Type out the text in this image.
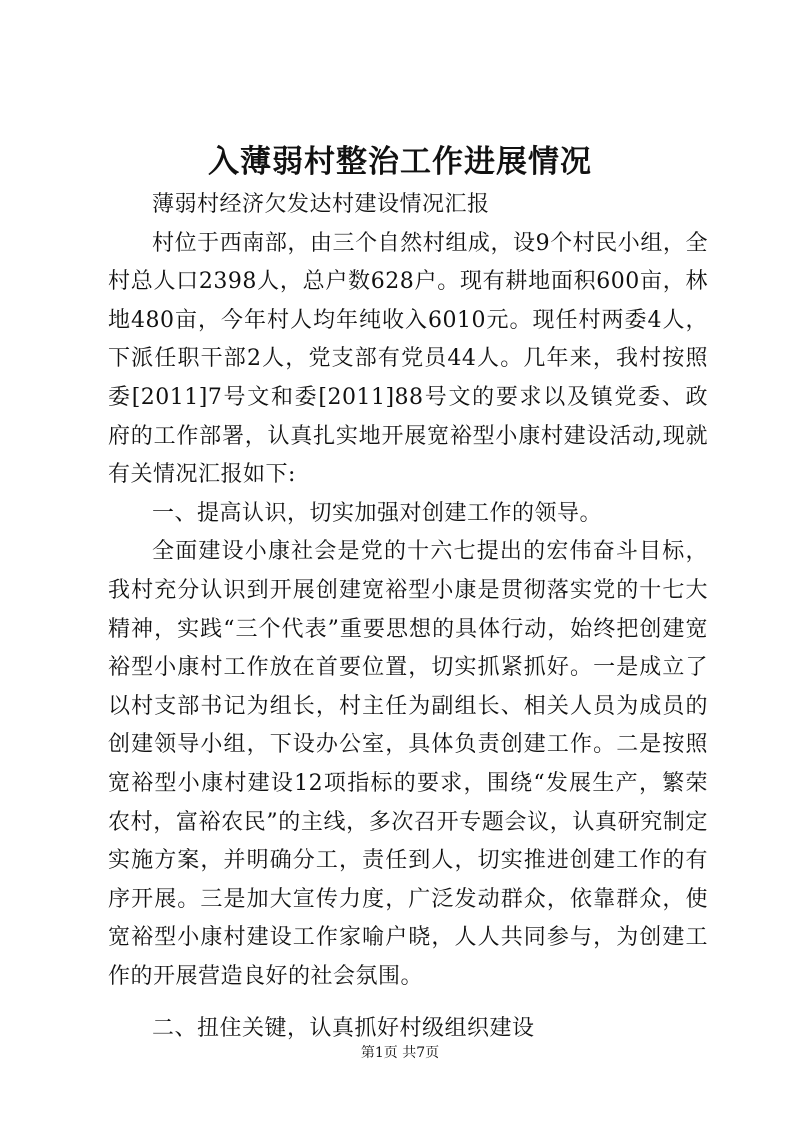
入薄弱村整治工作进展情况

薄弱村经济欠发达村建设情况汇报

村位于西南部，由三个自然村组成，设9个村民小组，全村总人口2398人，总户数628户。现有耕地面积600亩，林地480亩，今年村人均年纯收入6010元。现任村两委4人，下派任职干部2人，党支部有党员44人。几年来，我村按照委[2011]7号文和委[2011]88号文的要求以及镇党委、政府的工作部署，认真扎实地开展宽裕型小康村建设活动,现就有关情况汇报如下:

一、提高认识，切实加强对创建工作的领导。

全面建设小康社会是党的十六七提出的宏伟奋斗目标，我村充分认识到开展创建宽裕型小康是贯彻落实党的十七大精神，实践“三个代表”重要思想的具体行动，始终把创建宽裕型小康村工作放在首要位置，切实抓紧抓好。一是成立了以村支部书记为组长，村主任为副组长、相关人员为成员的创建领导小组，下设办公室，具体负责创建工作。二是按照宽裕型小康村建设12项指标的要求，围绕“发展生产，繁荣农村，富裕农民”的主线，多次召开专题会议，认真研究制定实施方案，并明确分工，责任到人，切实推进创建工作的有序开展。三是加大宣传力度，广泛发动群众，依靠群众，使宽裕型小康村建设工作家喻户晓，人人共同参与，为创建工作的开展营造良好的社会氛围。

二、扭住关键，认真抓好村级组织建设

第1页 共7页
